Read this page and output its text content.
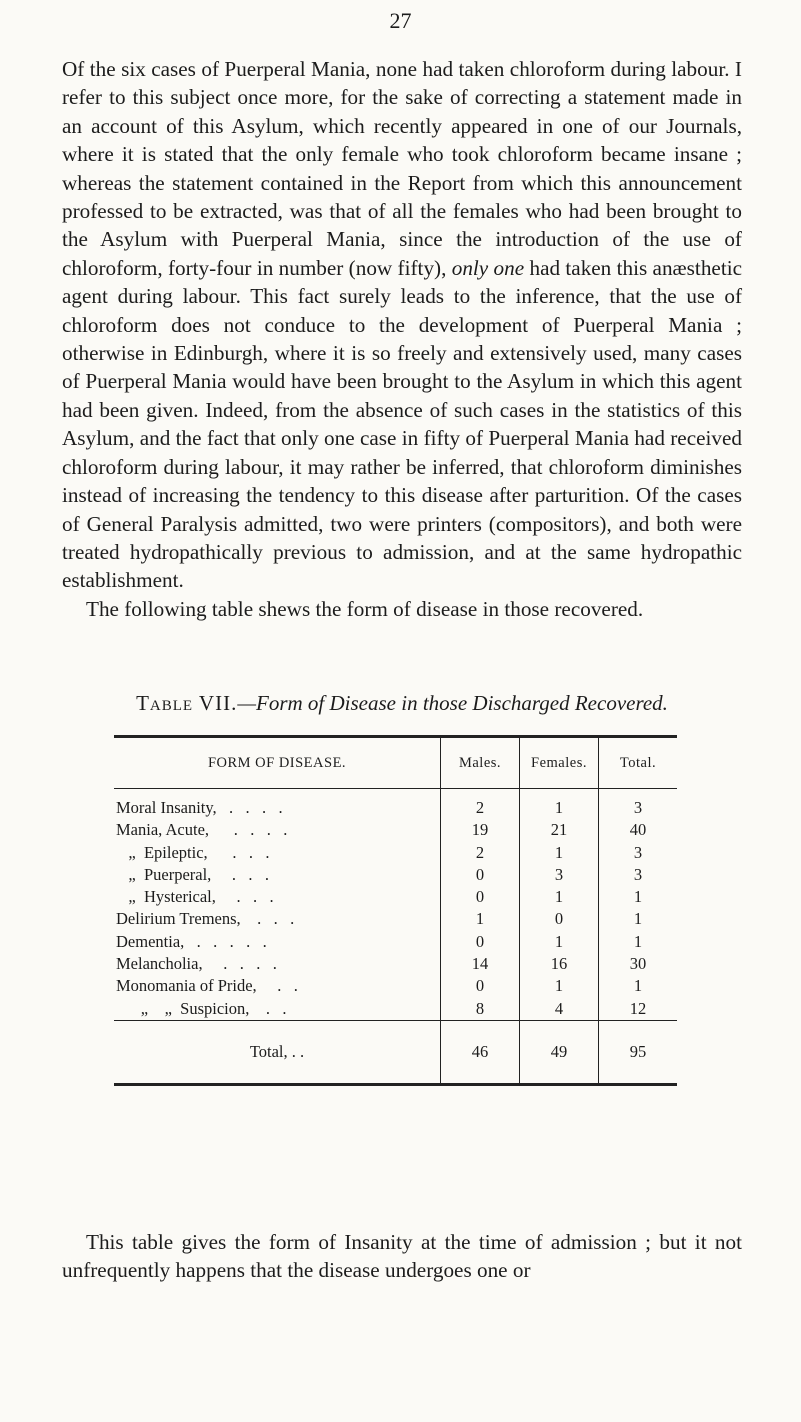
27

Of the six cases of Puerperal Mania, none had taken chloroform during labour. I refer to this subject once more, for the sake of correcting a statement made in an account of this Asylum, which recently appeared in one of our Journals, where it is stated that the only female who took chloroform became insane ; whereas the statement contained in the Report from which this announcement professed to be extracted, was that of all the females who had been brought to the Asylum with Puerperal Mania, since the introduction of the use of chloroform, forty-four in number (now fifty), only one had taken this anæsthetic agent during labour. This fact surely leads to the inference, that the use of chloroform does not conduce to the development of Puerperal Mania ; otherwise in Edinburgh, where it is so freely and extensively used, many cases of Puerperal Mania would have been brought to the Asylum in which this agent had been given. Indeed, from the absence of such cases in the statistics of this Asylum, and the fact that only one case in fifty of Puerperal Mania had received chloroform during labour, it may rather be inferred, that chloroform diminishes instead of increasing the tendency to this disease after parturition. Of the cases of General Paralysis admitted, two were printers (compositors), and both were treated hydropathically previous to admission, and at the same hydropathic establishment.

The following table shews the form of disease in those recovered.

Table VII.—Form of Disease in those Discharged Recovered.
FORM OF DISEASE.	Males.	Females.	Total.
Moral Insanity,   .   .   .   .	2	1	3
Mania, Acute,      .   .   .   .	19	21	40
„  Epileptic,      .   .   .	2	1	3
„  Puerperal,     .   .   .	0	3	3
„  Hysterical,     .   .   .	0	1	1
Delirium Tremens,    .   .   .	1	0	1
Dementia,   .   .   .   .   .	0	1	1
Melancholia,     .   .   .   .	14	16	30
Monomania of Pride,     .   .	0	1	1
„    „  Suspicion,    .   .	8	4	12
Total, . .	46	49	95

This table gives the form of Insanity at the time of admission ; but it not unfrequently happens that the disease undergoes one or
